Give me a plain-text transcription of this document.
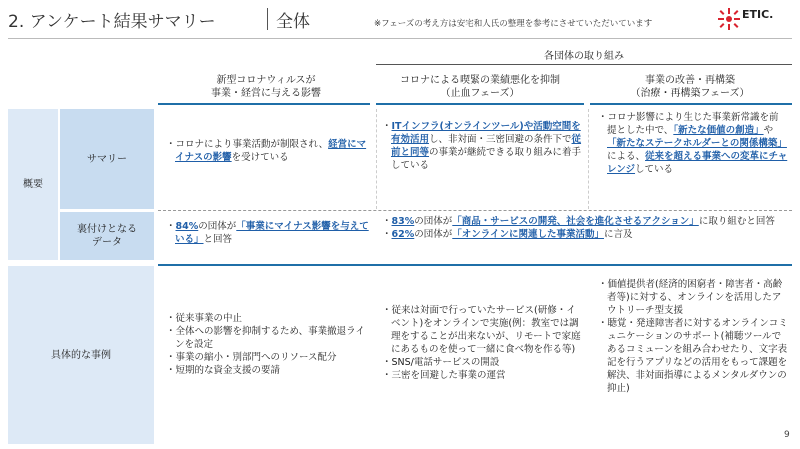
2. アンケート結果サマリー	全体	※フェーズの考え方は安宅和人氏の整理を参考にさせていただいています
ETIC.
各団体の取り組み
新型コロナウィルスが
事業・経営に与える影響
コロナによる喫緊の業績悪化を抑制
（止血フェーズ）
事業の改善・再構築
（治療・再構築フェーズ）
概要
サマリー
裏付けとなる
データ
具体的な事例
・コロナにより事業活動が制限され、経営にマイナスの影響を受けている
・ITインフラ(オンラインツール)や活動空間を有効活用し、非対面・三密回避の条件下で従前と同等の事業が継続できる取り組みに着手している
・コロナ影響により生じた事業新常識を前提とした中で、「新たな価値の創造」や「新たなステークホルダーとの関係構築」による、従来を超える事業への変革にチャレンジしている
・84%の団体が「事業にマイナス影響を与えている」と回答
・83%の団体が「商品・サービスの開発、社会を進化させるアクション」に取り組むと回答
・62%の団体が「オンラインに関連した事業活動」に言及
・従来事業の中止
・全体への影響を抑制するため、事業撤退ラインを設定
・事業の縮小・別部門へのリソース配分
・短期的な資金支援の要請
・従来は対面で行っていたサービス(研修・イベント)をオンラインで実施(例：教室では調理をすることが出来ないが、リモートで家庭にあるものを使って一緒に食べ物を作る等)
・SNS/電話サービスの開設
・三密を回避した事業の運営
・価値提供者(経済的困窮者・障害者・高齢者等)に対する、オンラインを活用したアウトリーチ型支援
・聴覚・発達障害者に対するオンラインコミュニケーションのサポート(補聴ツールであるコミューンを組み合わせたり、文字表記を行うアプリなどの活用をもって課題を解決、非対面指導によるメンタルダウンの抑止)
9
